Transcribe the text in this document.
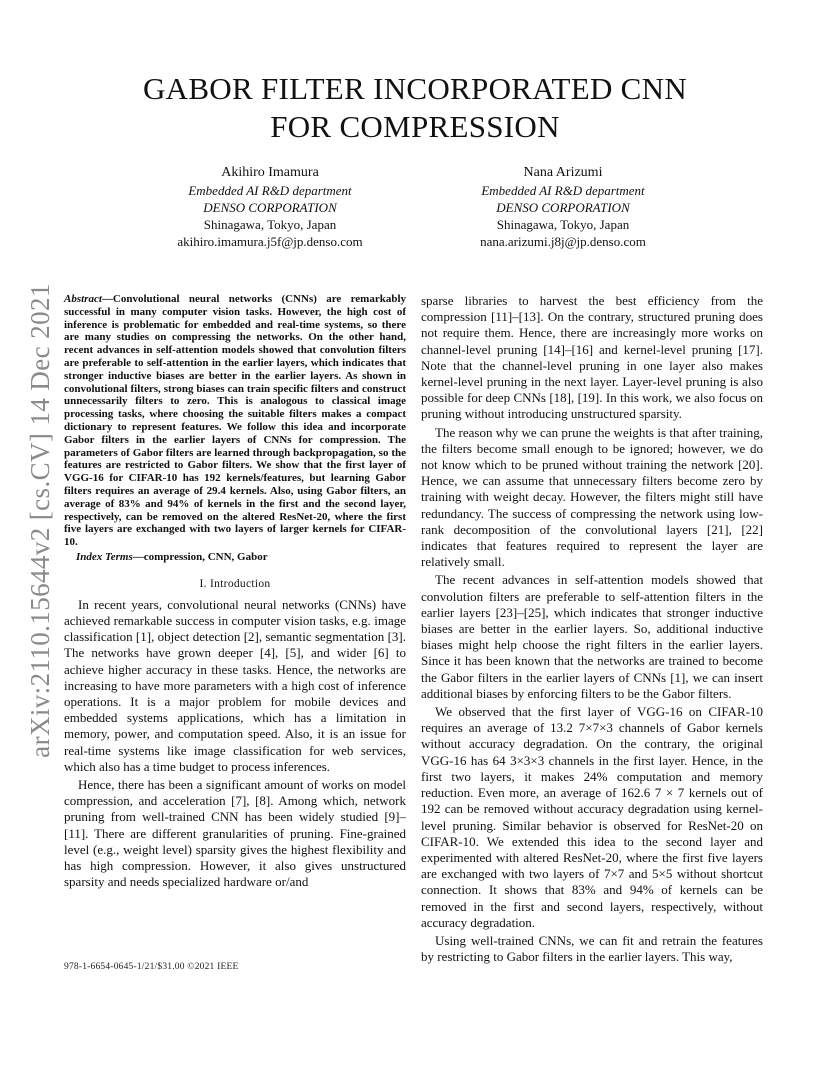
arXiv:2110.15644v2 [cs.CV] 14 Dec 2021
GABOR FILTER INCORPORATED CNN
FOR COMPRESSION
Akihiro Imamura
Embedded AI R&D department
DENSO CORPORATION
Shinagawa, Tokyo, Japan
akihiro.imamura.j5f@jp.denso.com
Nana Arizumi
Embedded AI R&D department
DENSO CORPORATION
Shinagawa, Tokyo, Japan
nana.arizumi.j8j@jp.denso.com

Abstract—Convolutional neural networks (CNNs) are remarkably successful in many computer vision tasks. However, the high cost of inference is problematic for embedded and real-time systems, so there are many studies on compressing the networks. On the other hand, recent advances in self-attention models showed that convolution filters are preferable to self-attention in the earlier layers, which indicates that stronger inductive biases are better in the earlier layers. As shown in convolutional filters, strong biases can train specific filters and construct unnecessarily filters to zero. This is analogous to classical image processing tasks, where choosing the suitable filters makes a compact dictionary to represent features. We follow this idea and incorporate Gabor filters in the earlier layers of CNNs for compression. The parameters of Gabor filters are learned through backpropagation, so the features are restricted to Gabor filters. We show that the first layer of VGG-16 for CIFAR-10 has 192 kernels/features, but learning Gabor filters requires an average of 29.4 kernels. Also, using Gabor filters, an average of 83% and 94% of kernels in the first and the second layer, respectively, can be removed on the altered ResNet-20, where the first five layers are exchanged with two layers of larger kernels for CIFAR-10.

Index Terms—compression, CNN, Gabor

I. Introduction

In recent years, convolutional neural networks (CNNs) have achieved remarkable success in computer vision tasks, e.g. image classification [1], object detection [2], semantic segmentation [3]. The networks have grown deeper [4], [5], and wider [6] to achieve higher accuracy in these tasks. Hence, the networks are increasing to have more parameters with a high cost of inference operations. It is a major problem for mobile devices and embedded systems applications, which has a limitation in memory, power, and computation speed. Also, it is an issue for real-time systems like image classification for web services, which also has a time budget to process inferences.

Hence, there has been a significant amount of works on model compression, and acceleration [7], [8]. Among which, network pruning from well-trained CNN has been widely studied [9]–[11]. There are different granularities of pruning. Fine-grained level (e.g., weight level) sparsity gives the highest flexibility and has high compression. However, it also gives unstructured sparsity and needs specialized hardware or/and

sparse libraries to harvest the best efficiency from the compression [11]–[13]. On the contrary, structured pruning does not require them. Hence, there are increasingly more works on channel-level pruning [14]–[16] and kernel-level pruning [17]. Note that the channel-level pruning in one layer also makes kernel-level pruning in the next layer. Layer-level pruning is also possible for deep CNNs [18], [19]. In this work, we also focus on pruning without introducing unstructured sparsity.

The reason why we can prune the weights is that after training, the filters become small enough to be ignored; however, we do not know which to be pruned without training the network [20]. Hence, we can assume that unnecessary filters become zero by training with weight decay. However, the filters might still have redundancy. The success of compressing the network using low-rank decomposition of the convolutional layers [21], [22] indicates that features required to represent the layer are relatively small.

The recent advances in self-attention models showed that convolution filters are preferable to self-attention filters in the earlier layers [23]–[25], which indicates that stronger inductive biases are better in the earlier layers. So, additional inductive biases might help choose the right filters in the earlier layers. Since it has been known that the networks are trained to become the Gabor filters in the earlier layers of CNNs [1], we can insert additional biases by enforcing filters to be the Gabor filters.

We observed that the first layer of VGG-16 on CIFAR-10 requires an average of 13.2 7×7×3 channels of Gabor kernels without accuracy degradation. On the contrary, the original VGG-16 has 64 3×3×3 channels in the first layer. Hence, in the first two layers, it makes 24% computation and memory reduction. Even more, an average of 162.6 7 × 7 kernels out of 192 can be removed without accuracy degradation using kernel-level pruning. Similar behavior is observed for ResNet-20 on CIFAR-10. We extended this idea to the second layer and experimented with altered ResNet-20, where the first five layers are exchanged with two layers of 7×7 and 5×5 without shortcut connection. It shows that 83% and 94% of kernels can be removed in the first and second layers, respectively, without accuracy degradation.

Using well-trained CNNs, we can fit and retrain the features by restricting to Gabor filters in the earlier layers. This way,

978-1-6654-0645-1/21/$31.00 ©2021 IEEE
